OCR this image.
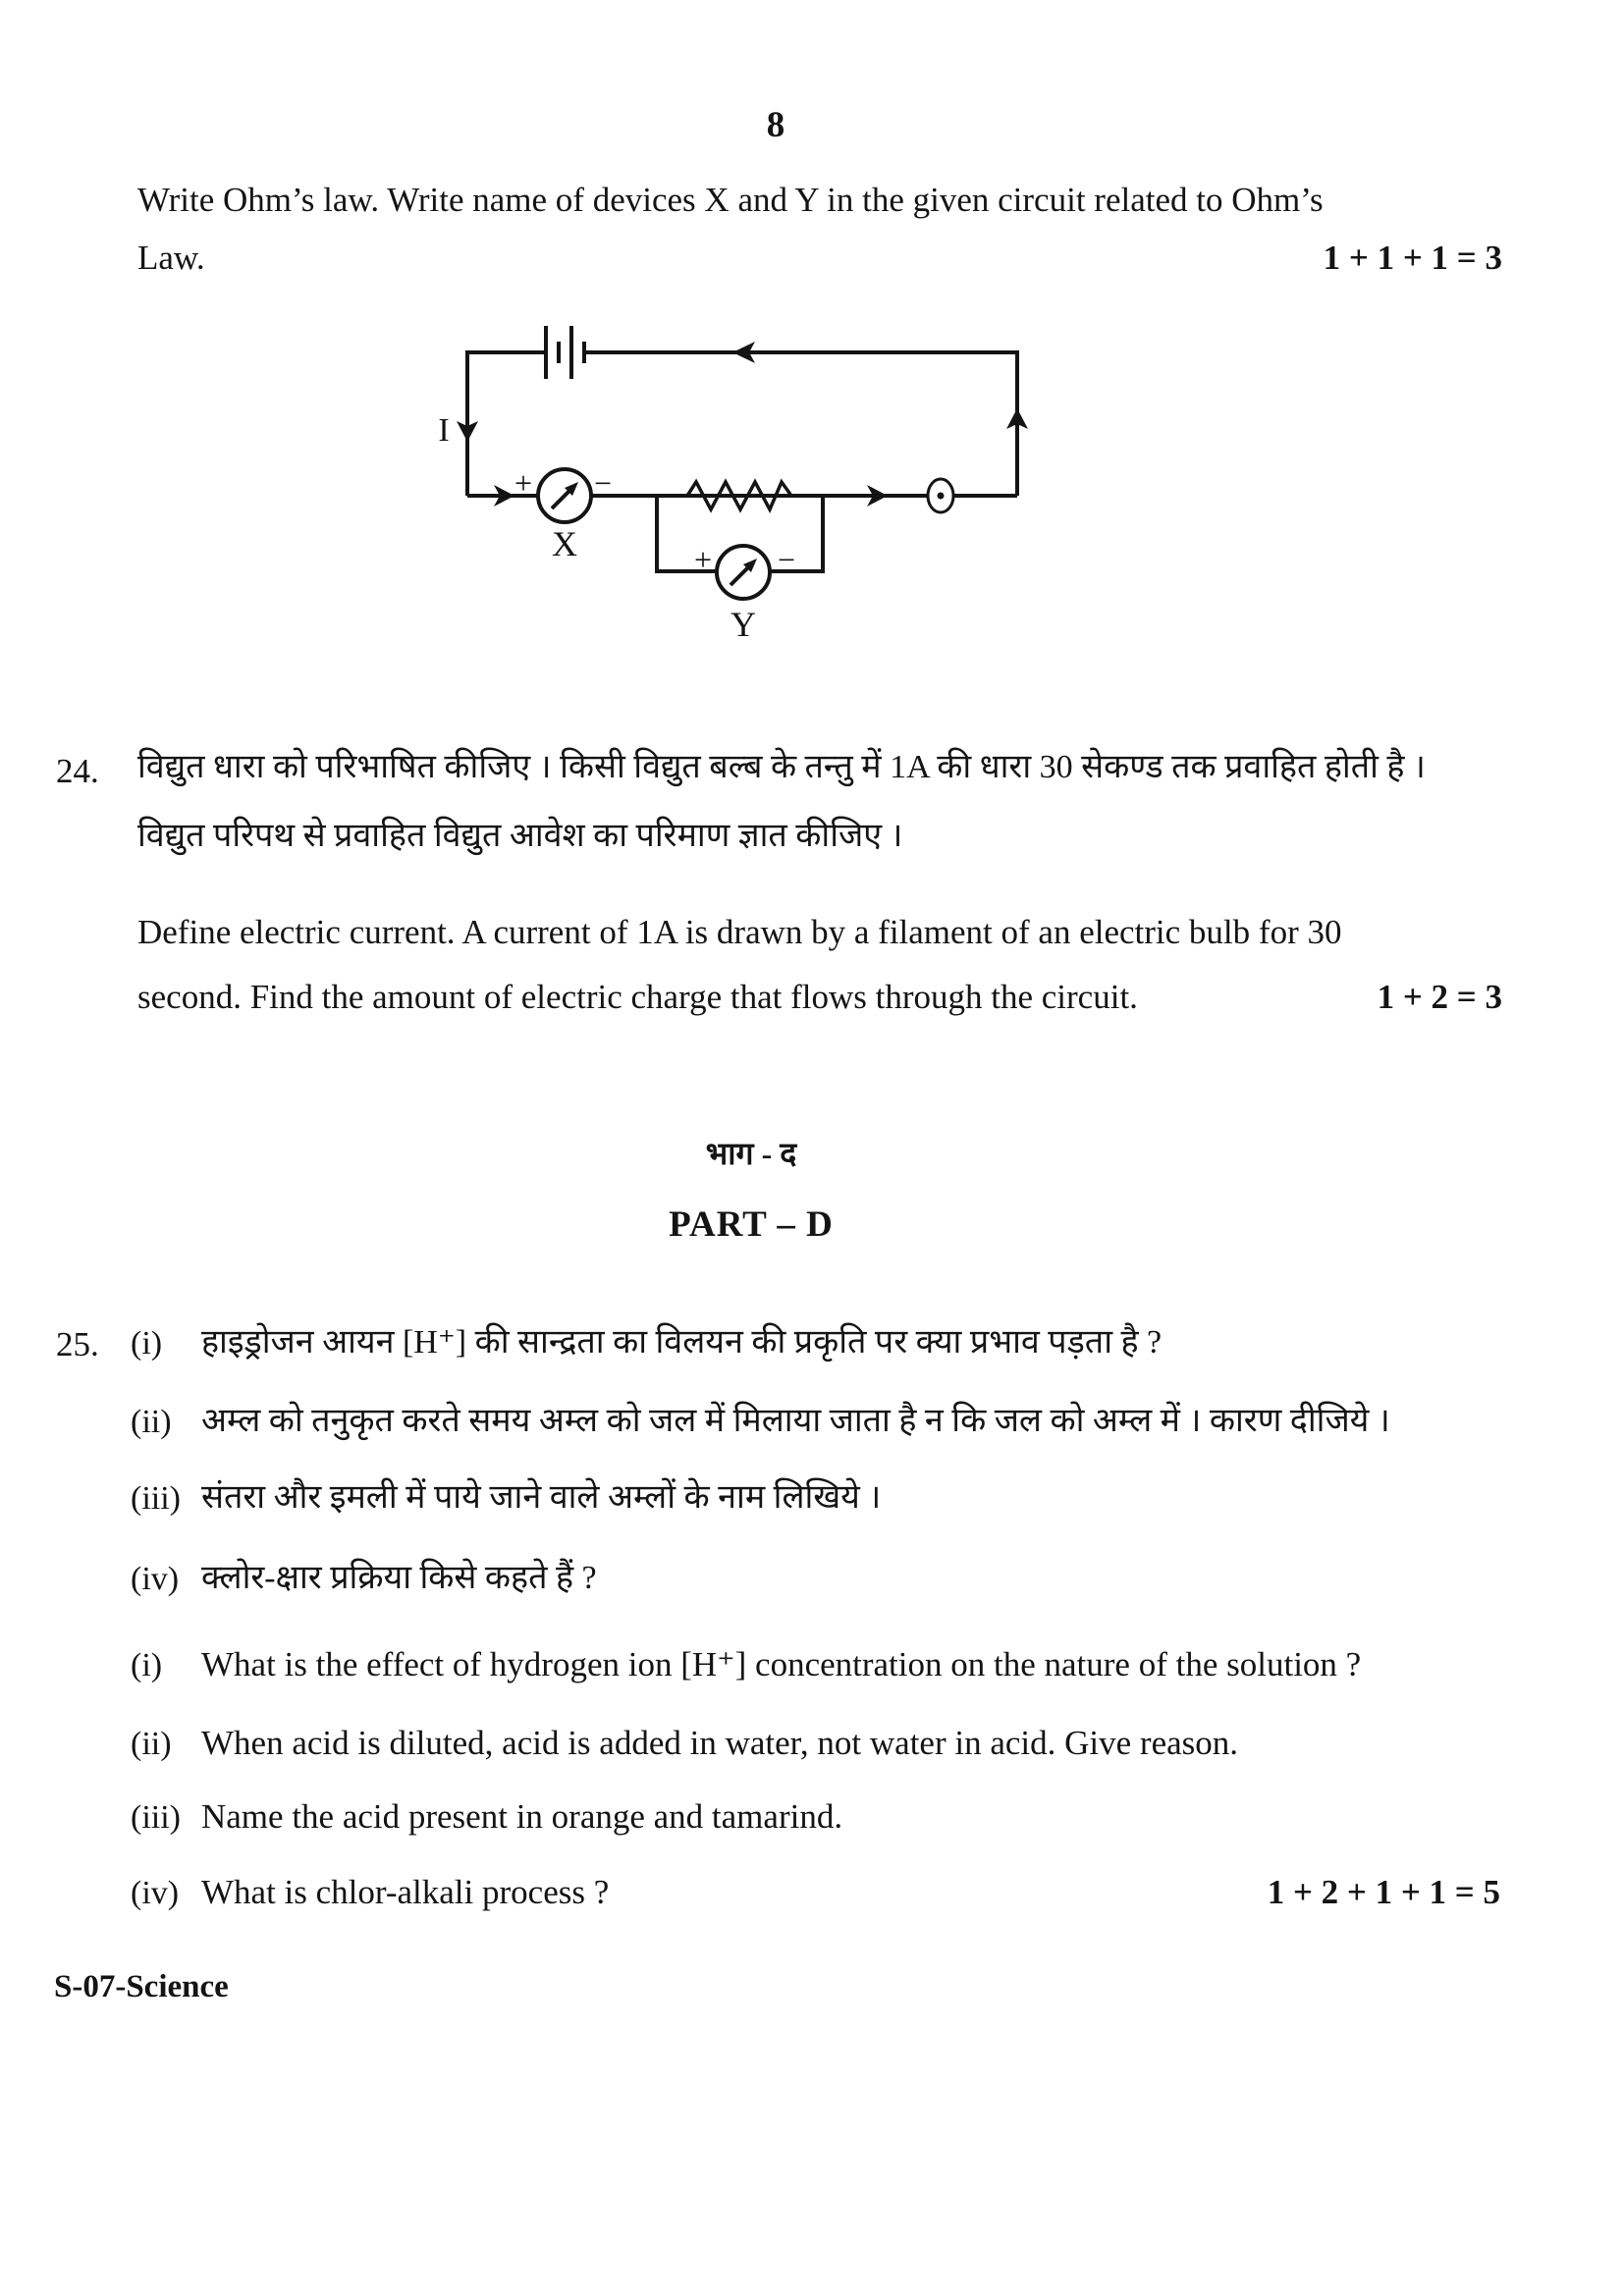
8
Write Ohm’s law. Write name of devices X and Y in the given circuit related to Ohm’s
Law.	1 + 1 + 1 = 3
I
+ −
X	+ −
Y
24. विद्युत धारा को परिभाषित कीजिए । किसी विद्युत बल्ब के तन्तु में 1A की धारा 30 सेकण्ड तक प्रवाहित होती है ।
विद्युत परिपथ से प्रवाहित विद्युत आवेश का परिमाण ज्ञात कीजिए ।
Define electric current. A current of 1A is drawn by a filament of an electric bulb for 30
second. Find the amount of electric charge that flows through the circuit.	1 + 2 = 3
भाग - द
PART – D
25. (i) हाइड्रोजन आयन [H⁺] की सान्द्रता का विलयन की प्रकृति पर क्या प्रभाव पड़ता है ?
(ii) अम्ल को तनुकृत करते समय अम्ल को जल में मिलाया जाता है न कि जल को अम्ल में । कारण दीजिये ।
(iii) संतरा और इमली में पाये जाने वाले अम्लों के नाम लिखिये ।
(iv) क्लोर-क्षार प्रक्रिया किसे कहते हैं ?
(i) What is the effect of hydrogen ion [H⁺] concentration on the nature of the solution ?
(ii) When acid is diluted, acid is added in water, not water in acid. Give reason.
(iii) Name the acid present in orange and tamarind.
(iv) What is chlor-alkali process ?	1 + 2 + 1 + 1 = 5
S-07-Science
